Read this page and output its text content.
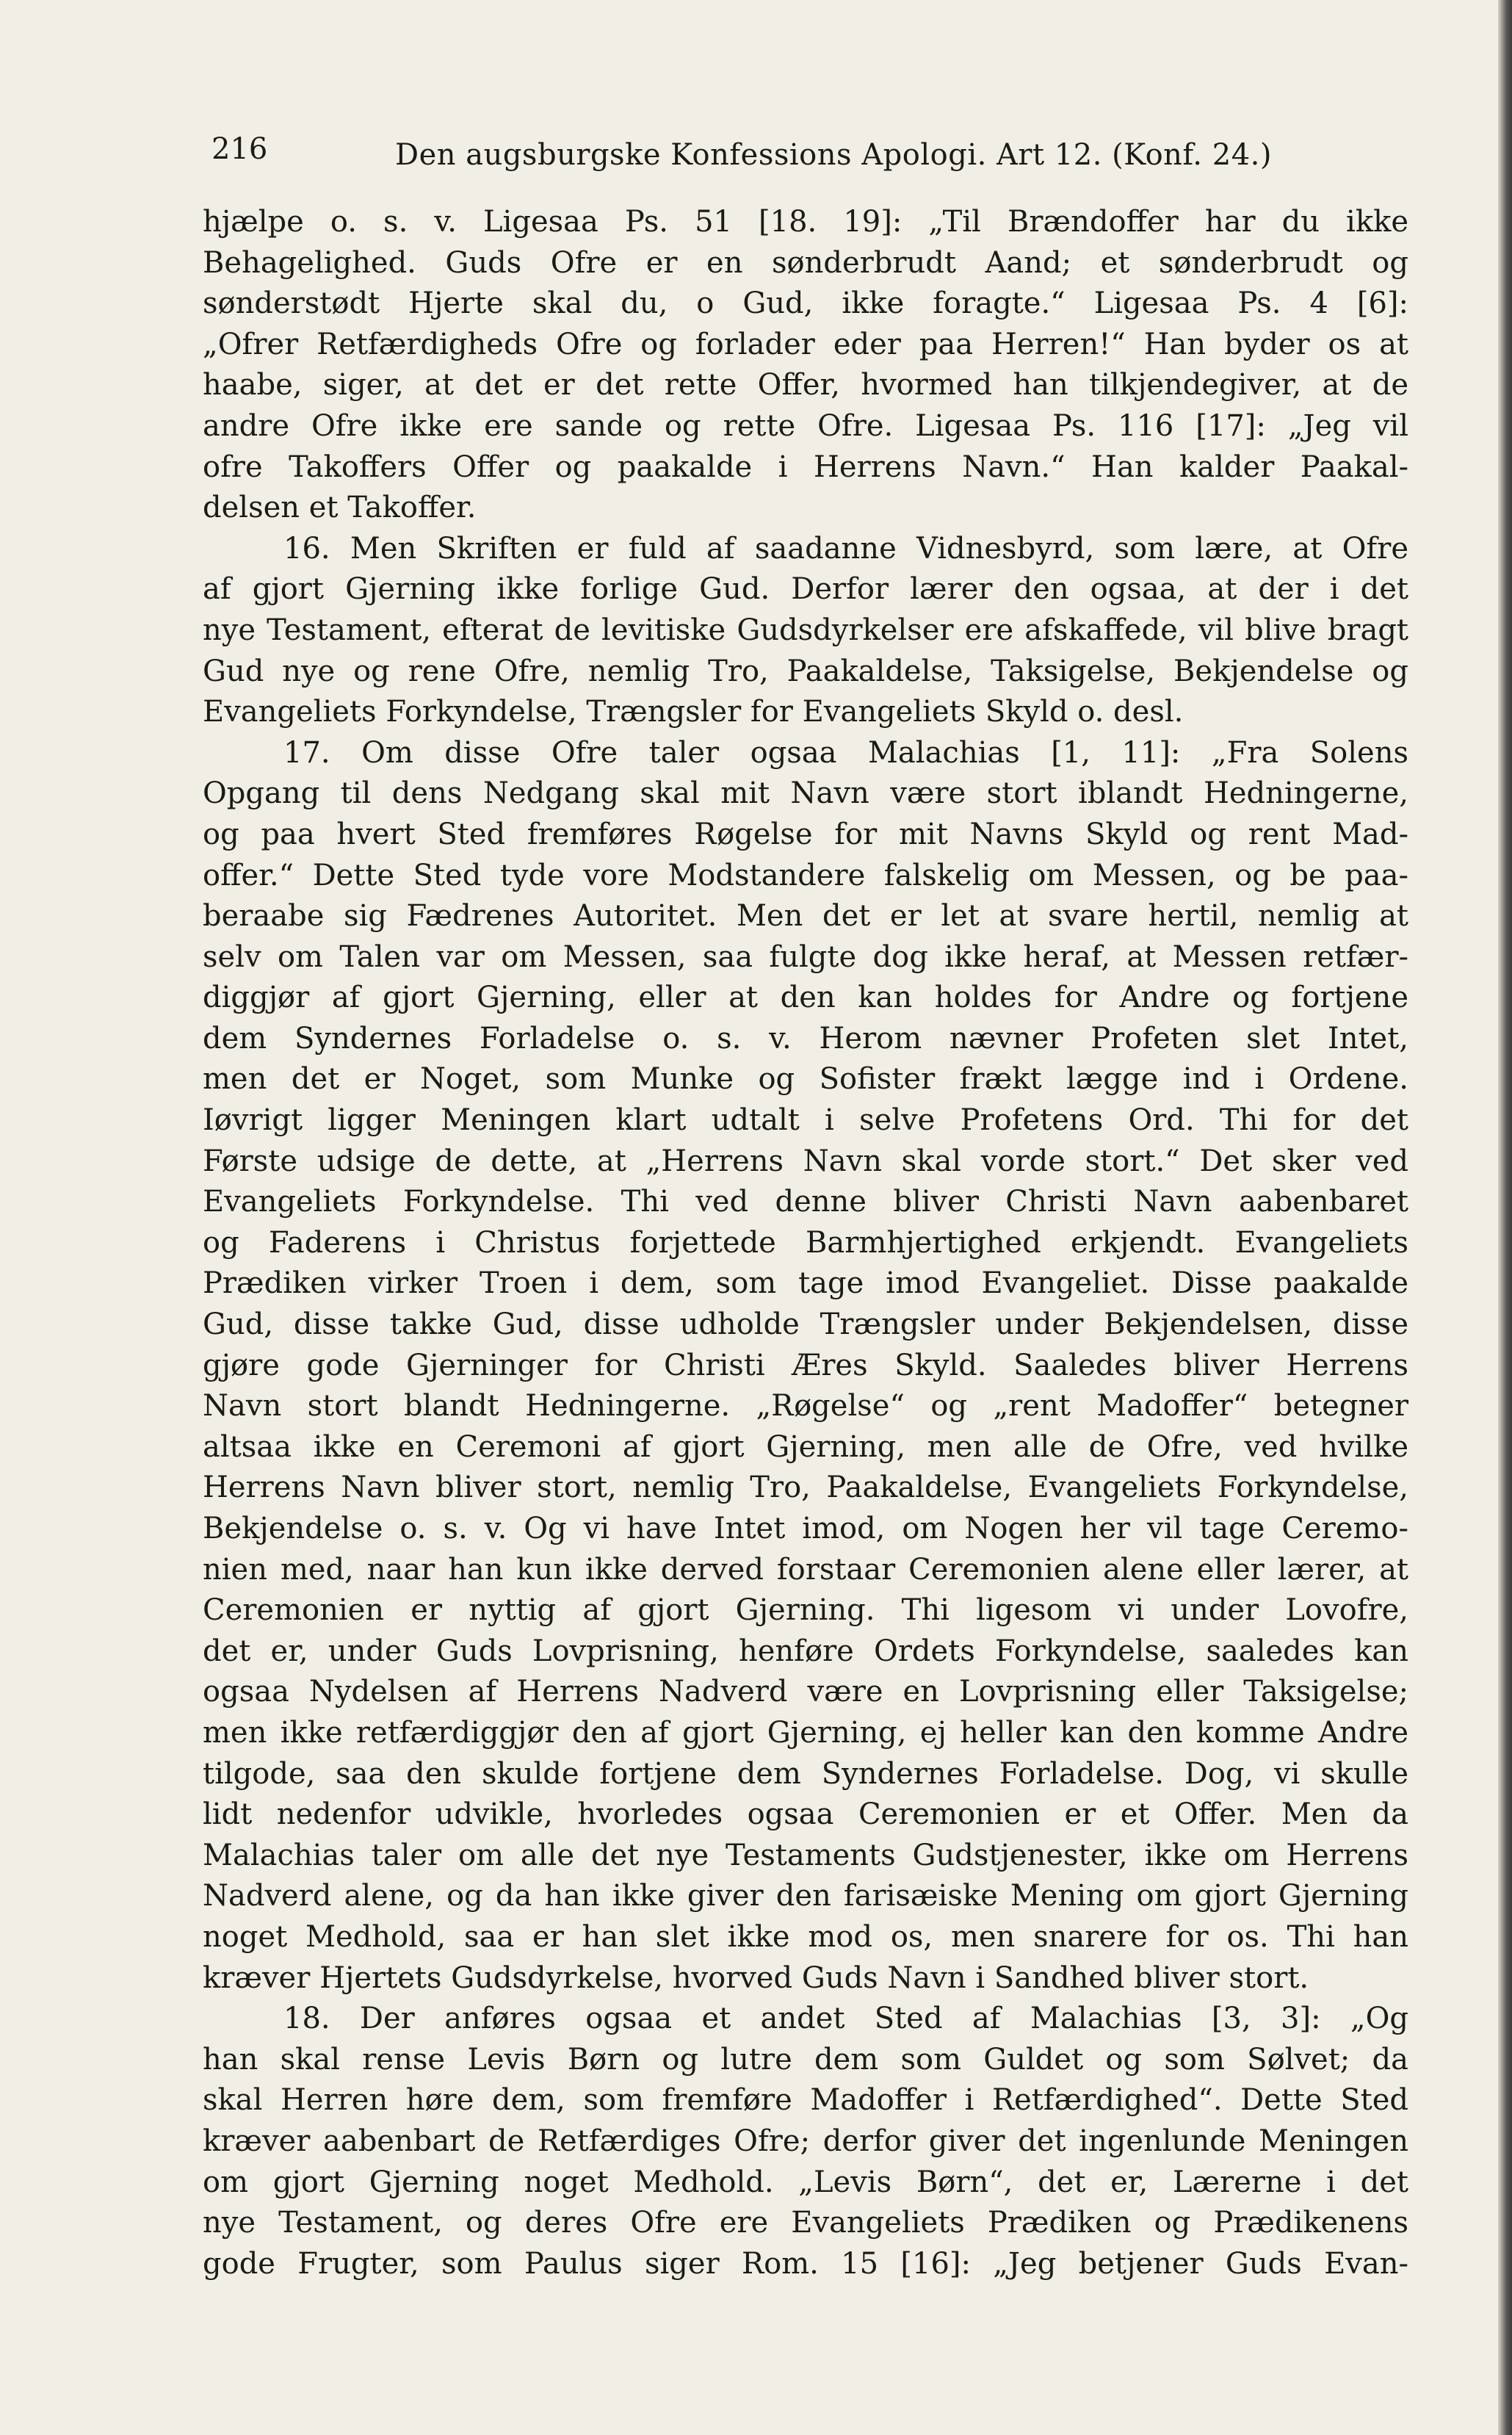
216	Den augsburgske Konfessions Apologi. Art 12. (Konf. 24.)
hjælpe o. s. v. Ligesaa Ps. 51 [18. 19]: „Til Brændoffer har du ikke
Behagelighed. Guds Ofre er en sønderbrudt Aand; et sønderbrudt og
sønderstødt Hjerte skal du, o Gud, ikke foragte.“ Ligesaa Ps. 4 [6]:
„Ofrer Retfærdigheds Ofre og forlader eder paa Herren!“ Han byder os at
haabe, siger, at det er det rette Offer, hvormed han tilkjendegiver, at de
andre Ofre ikke ere sande og rette Ofre. Ligesaa Ps. 116 [17]: „Jeg vil
ofre Takoffers Offer og paakalde i Herrens Navn.“ Han kalder Paakal-
delsen et Takoffer.
16. Men Skriften er fuld af saadanne Vidnesbyrd, som lære, at Ofre
af gjort Gjerning ikke forlige Gud. Derfor lærer den ogsaa, at der i det
nye Testament, efterat de levitiske Gudsdyrkelser ere afskaffede, vil blive bragt
Gud nye og rene Ofre, nemlig Tro, Paakaldelse, Taksigelse, Bekjendelse og
Evangeliets Forkyndelse, Trængsler for Evangeliets Skyld o. desl.
17. Om disse Ofre taler ogsaa Malachias [1, 11]: „Fra Solens
Opgang til dens Nedgang skal mit Navn være stort iblandt Hedningerne,
og paa hvert Sted fremføres Røgelse for mit Navns Skyld og rent Mad-
offer.“ Dette Sted tyde vore Modstandere falskelig om Messen, og be paa-
beraabe sig Fædrenes Autoritet. Men det er let at svare hertil, nemlig at
selv om Talen var om Messen, saa fulgte dog ikke heraf, at Messen retfær-
diggjør af gjort Gjerning, eller at den kan holdes for Andre og fortjene
dem Syndernes Forladelse o. s. v. Herom nævner Profeten slet Intet,
men det er Noget, som Munke og Sofister frækt lægge ind i Ordene.
Iøvrigt ligger Meningen klart udtalt i selve Profetens Ord. Thi for det
Første udsige de dette, at „Herrens Navn skal vorde stort.“ Det sker ved
Evangeliets Forkyndelse. Thi ved denne bliver Christi Navn aabenbaret
og Faderens i Christus forjettede Barmhjertighed erkjendt. Evangeliets
Prædiken virker Troen i dem, som tage imod Evangeliet. Disse paakalde
Gud, disse takke Gud, disse udholde Trængsler under Bekjendelsen, disse
gjøre gode Gjerninger for Christi Æres Skyld. Saaledes bliver Herrens
Navn stort blandt Hedningerne. „Røgelse“ og „rent Madoffer“ betegner
altsaa ikke en Ceremoni af gjort Gjerning, men alle de Ofre, ved hvilke
Herrens Navn bliver stort, nemlig Tro, Paakaldelse, Evangeliets Forkyndelse,
Bekjendelse o. s. v. Og vi have Intet imod, om Nogen her vil tage Ceremo-
nien med, naar han kun ikke derved forstaar Ceremonien alene eller lærer, at
Ceremonien er nyttig af gjort Gjerning. Thi ligesom vi under Lovofre,
det er, under Guds Lovprisning, henføre Ordets Forkyndelse, saaledes kan
ogsaa Nydelsen af Herrens Nadverd være en Lovprisning eller Taksigelse;
men ikke retfærdiggjør den af gjort Gjerning, ej heller kan den komme Andre
tilgode, saa den skulde fortjene dem Syndernes Forladelse. Dog, vi skulle
lidt nedenfor udvikle, hvorledes ogsaa Ceremonien er et Offer. Men da
Malachias taler om alle det nye Testaments Gudstjenester, ikke om Herrens
Nadverd alene, og da han ikke giver den farisæiske Mening om gjort Gjerning
noget Medhold, saa er han slet ikke mod os, men snarere for os. Thi han
kræver Hjertets Gudsdyrkelse, hvorved Guds Navn i Sandhed bliver stort.
18. Der anføres ogsaa et andet Sted af Malachias [3, 3]: „Og
han skal rense Levis Børn og lutre dem som Guldet og som Sølvet; da
skal Herren høre dem, som fremføre Madoffer i Retfærdighed“. Dette Sted
kræver aabenbart de Retfærdiges Ofre; derfor giver det ingenlunde Meningen
om gjort Gjerning noget Medhold. „Levis Børn“, det er, Lærerne i det
nye Testament, og deres Ofre ere Evangeliets Prædiken og Prædikenens
gode Frugter, som Paulus siger Rom. 15 [16]: „Jeg betjener Guds Evan-
